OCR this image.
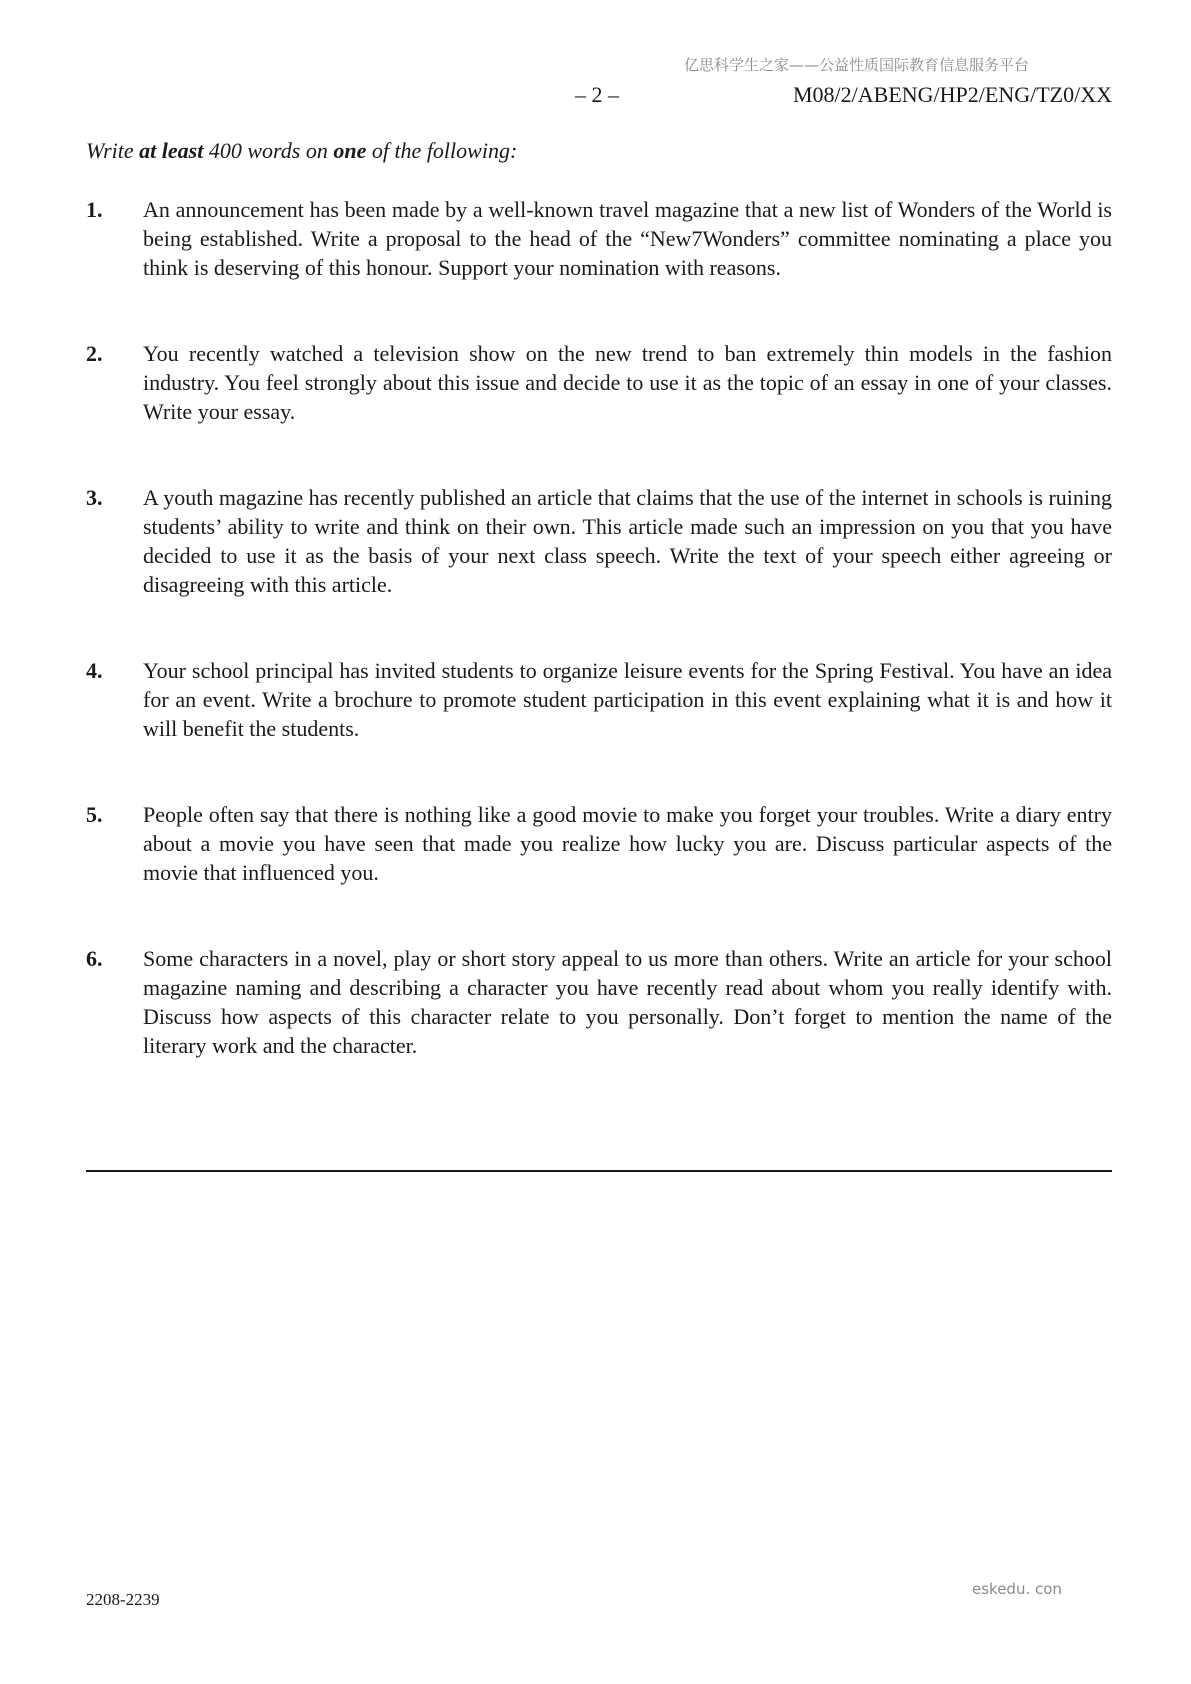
亿思科学生之家——公益性质国际教育信息服务平台
– 2 –	M08/2/ABENG/HP2/ENG/TZ0/XX
Write at least 400 words on one of the following:
1. An announcement has been made by a well-known travel magazine that a new list of Wonders of the World is being established. Write a proposal to the head of the “New7Wonders” committee nominating a place you think is deserving of this honour. Support your nomination with reasons.
2. You recently watched a television show on the new trend to ban extremely thin models in the fashion industry. You feel strongly about this issue and decide to use it as the topic of an essay in one of your classes. Write your essay.
3. A youth magazine has recently published an article that claims that the use of the internet in schools is ruining students’ ability to write and think on their own. This article made such an impression on you that you have decided to use it as the basis of your next class speech. Write the text of your speech either agreeing or disagreeing with this article.
4. Your school principal has invited students to organize leisure events for the Spring Festival. You have an idea for an event. Write a brochure to promote student participation in this event explaining what it is and how it will benefit the students.
5. People often say that there is nothing like a good movie to make you forget your troubles. Write a diary entry about a movie you have seen that made you realize how lucky you are. Discuss particular aspects of the movie that influenced you.
6. Some characters in a novel, play or short story appeal to us more than others. Write an article for your school magazine naming and describing a character you have recently read about whom you really identify with. Discuss how aspects of this character relate to you personally. Don’t forget to mention the name of the literary work and the character.
2208-2239
eskedu. con
